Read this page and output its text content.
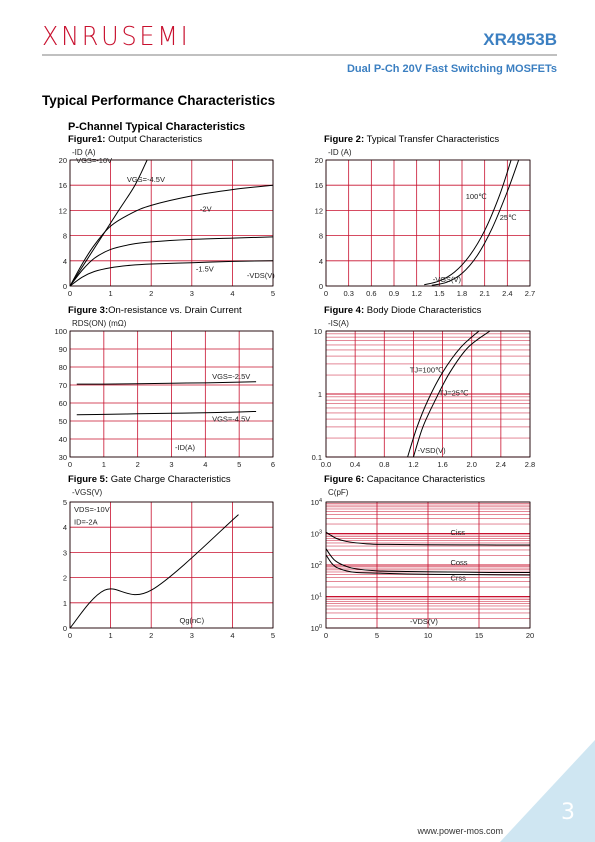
XNRUSEMI	XR4953B
Dual P-Ch 20V Fast Switching MOSFETs
Typical Performance Characteristics
P-Channel Typical Characteristics
Figure1: Output Characteristics	Figure 2: Typical Transfer Characteristics
Figure 3:On-resistance vs. Drain Current	Figure 4: Body Diode Characteristics
Figure 5: Gate Charge Characteristics	Figure 6: Capacitance Characteristics
-ID (A)	-ID (A)
RDS(ON) (mΩ)	-IS(A)
-VGS(V)	C(pF)
0	1	2	3	4	5
0
4
8
12
16
20 VGS=-10V
VGS=-4.5V
-2V
-1.5V
-VDS(V)
0 0.3 0.6 0.9 1.2 1.5 1.8 2.1 2.4 2.7
0
4
8
12
16
20
100℃
25℃
-VGS(V)
0	1	2	3	4	5	6
30
40
50
60
70
80
90
100
VGS=-2.5V
VGS=-4.5V
-ID(A)
0.0 0.4 0.8 1.2 1.6 2.0 2.4 2.8
0.1
1
10
TJ=100℃
TJ=25℃
-VSD(V)
0	1	2	3	4	5
0
1
2
3
4
5
VDS=-10V
ID=-2A
Qg(nC)
0	5	10	15	20
$10^0$
$10^1$
$10^2$
$10^3$
$10^4$
Ciss
Coss
Crss
-VDS(V)
3
www.power-mos.com
